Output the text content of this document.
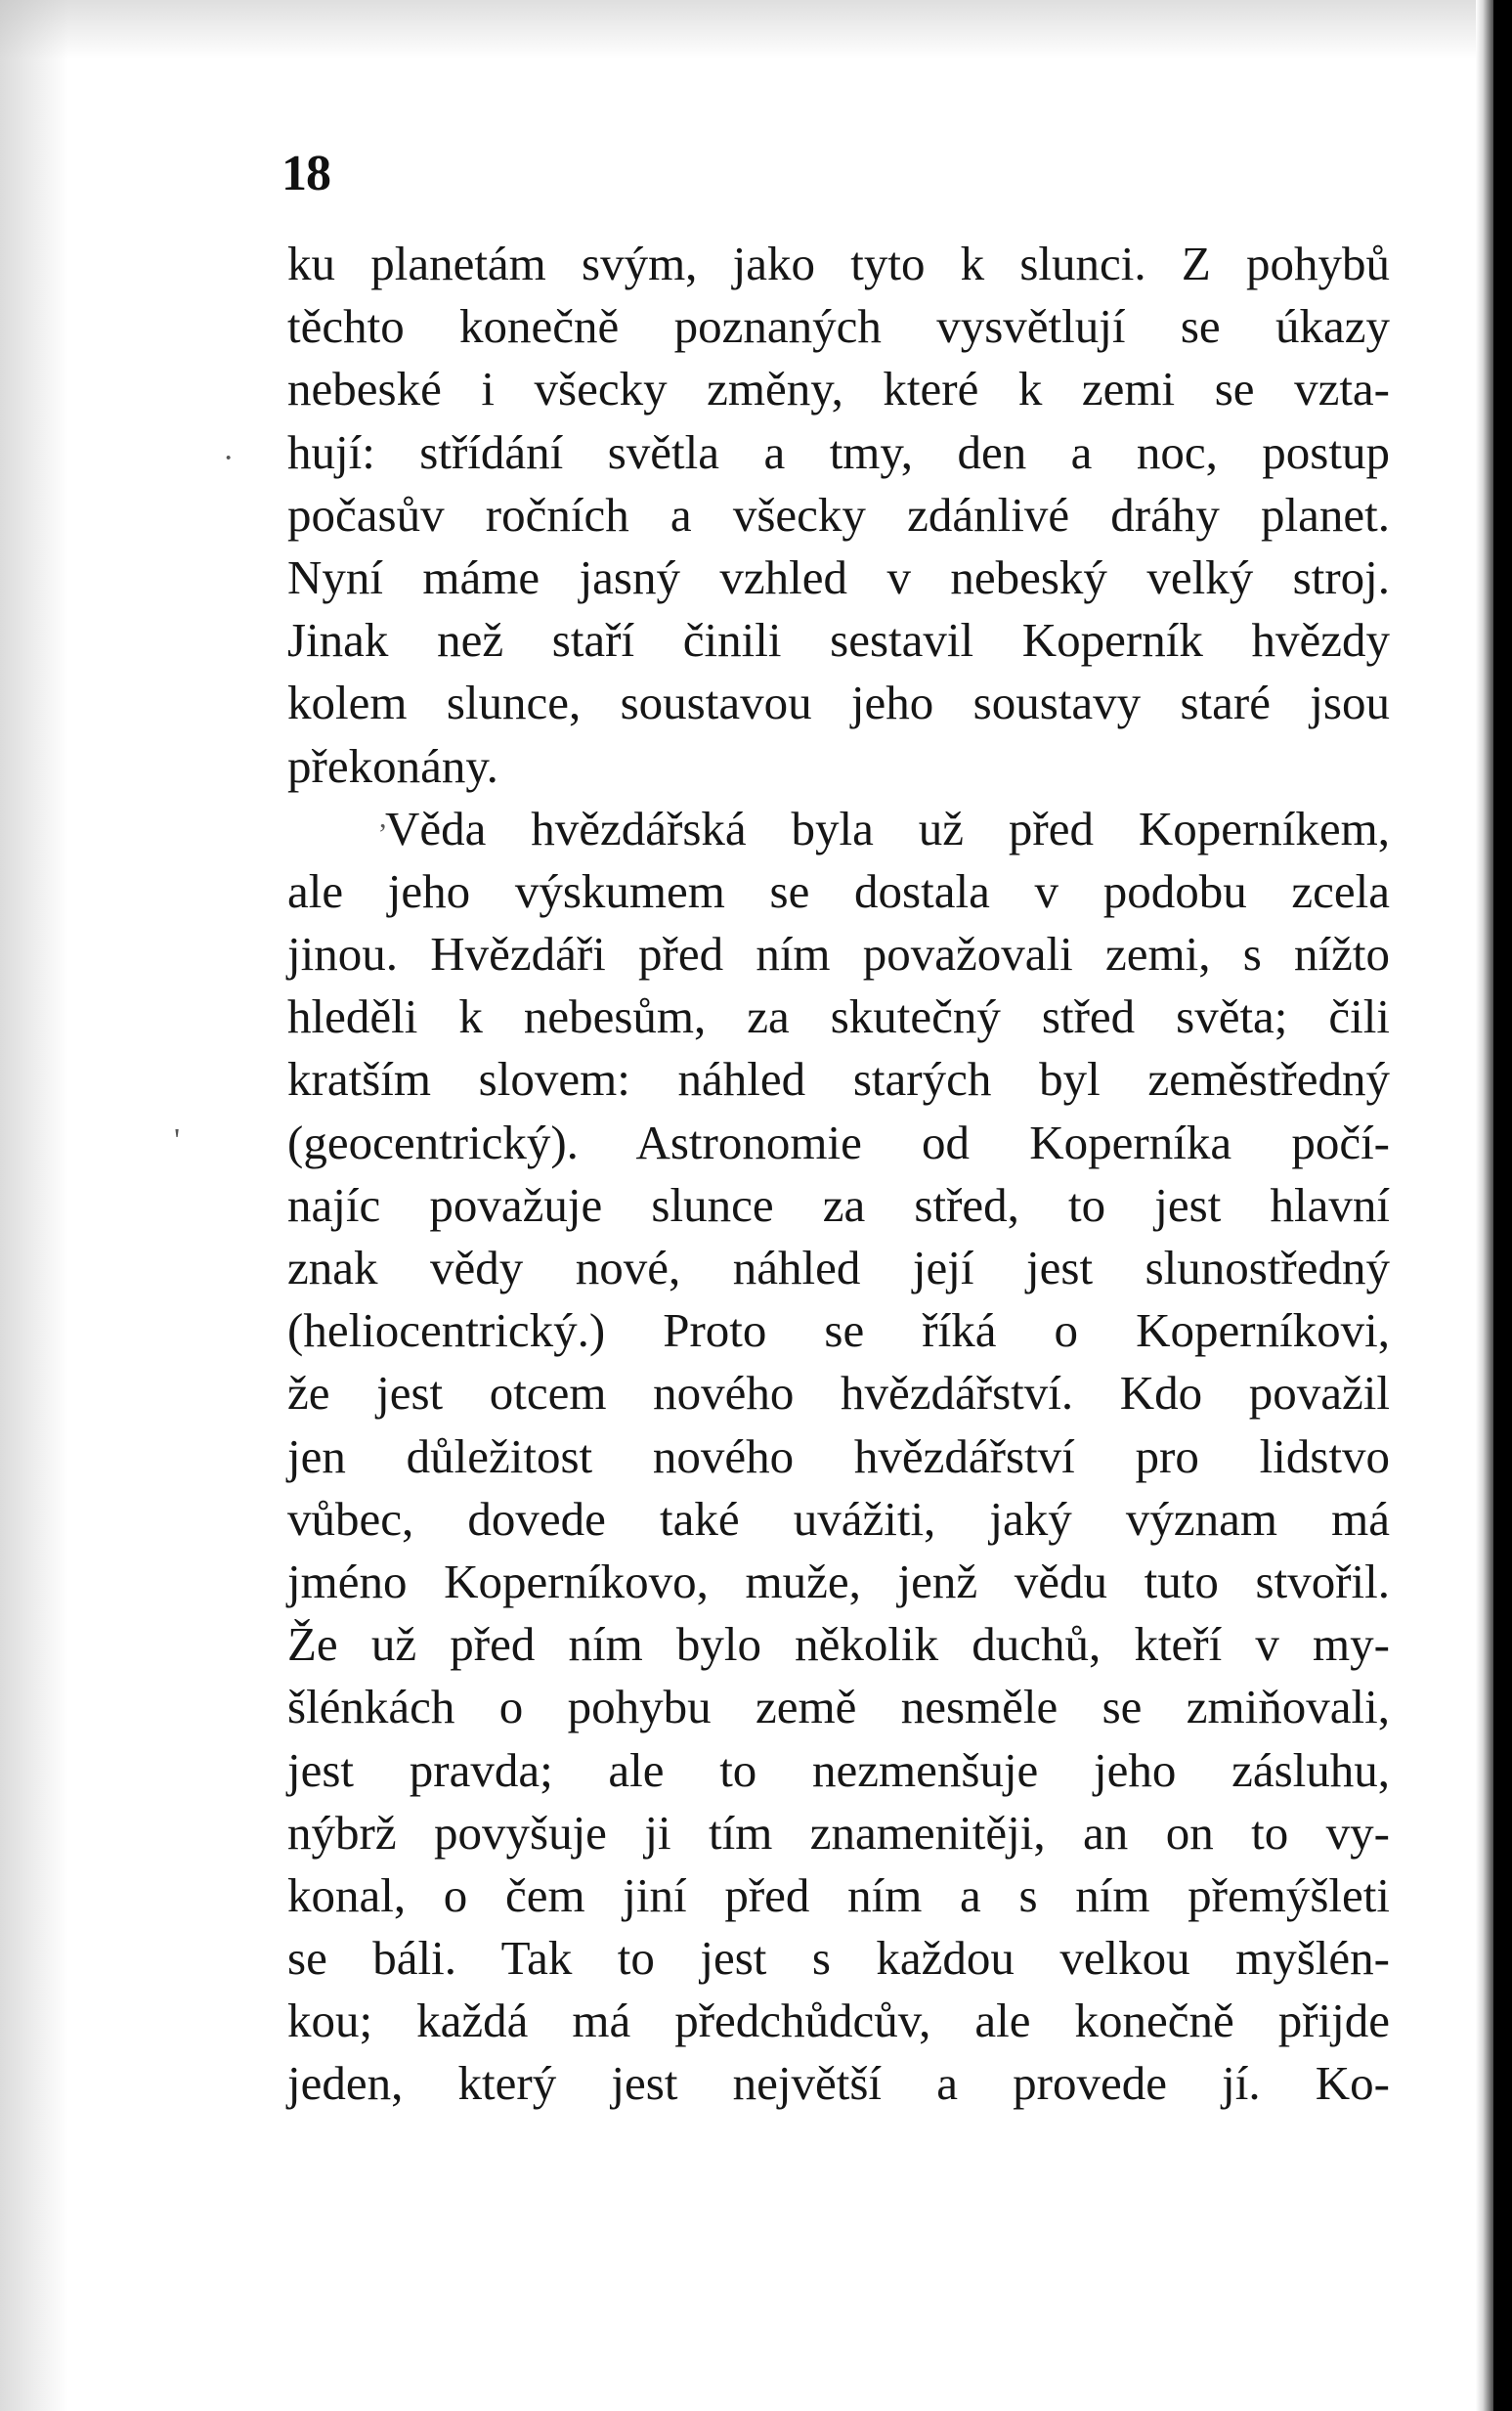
18
ku planetám svým, jako tyto k slunci. Z pohybů
těchto konečně poznaných vysvětlují se úkazy
nebeské i všecky změny, které k zemi se vzta-
hují: střídání světla a tmy, den a noc, postup
počasův ročních a všecky zdánlivé dráhy planet.
Nyní máme jasný vzhled v nebeský velký stroj.
Jinak než staří činili sestavil Koperník hvězdy
kolem slunce, soustavou jeho soustavy staré jsou
překonány.
Věda hvězdářská byla už před Koperníkem,
ale jeho výskumem se dostala v podobu zcela
jinou. Hvězdáři před ním považovali zemi, s nížto
hleděli k nebesům, za skutečný střed světa; čili
kratším slovem: náhled starých byl zeměstředný
(geocentrický). Astronomie od Koperníka počí-
najíc považuje slunce za střed, to jest hlavní
znak vědy nové, náhled její jest slunostředný
(heliocentrický.) Proto se říká o Koperníkovi,
že jest otcem nového hvězdářství. Kdo považil
jen důležitost nového hvězdářství pro lidstvo
vůbec, dovede také uvážiti, jaký význam má
jméno Koperníkovo, muže, jenž vědu tuto stvořil.
Že už před ním bylo několik duchů, kteří v my-
šlénkách o pohybu země nesměle se zmiňovali,
jest pravda; ale to nezmenšuje jeho zásluhu,
nýbrž povyšuje ji tím znamenitěji, an on to vy-
konal, o čem jiní před ním a s ním přemýšleti
se báli. Tak to jest s každou velkou myšlén-
kou; každá má předchůdcův, ale konečně přijde
jeden, který jest největší a provede jí. Ko-
·
,
'
